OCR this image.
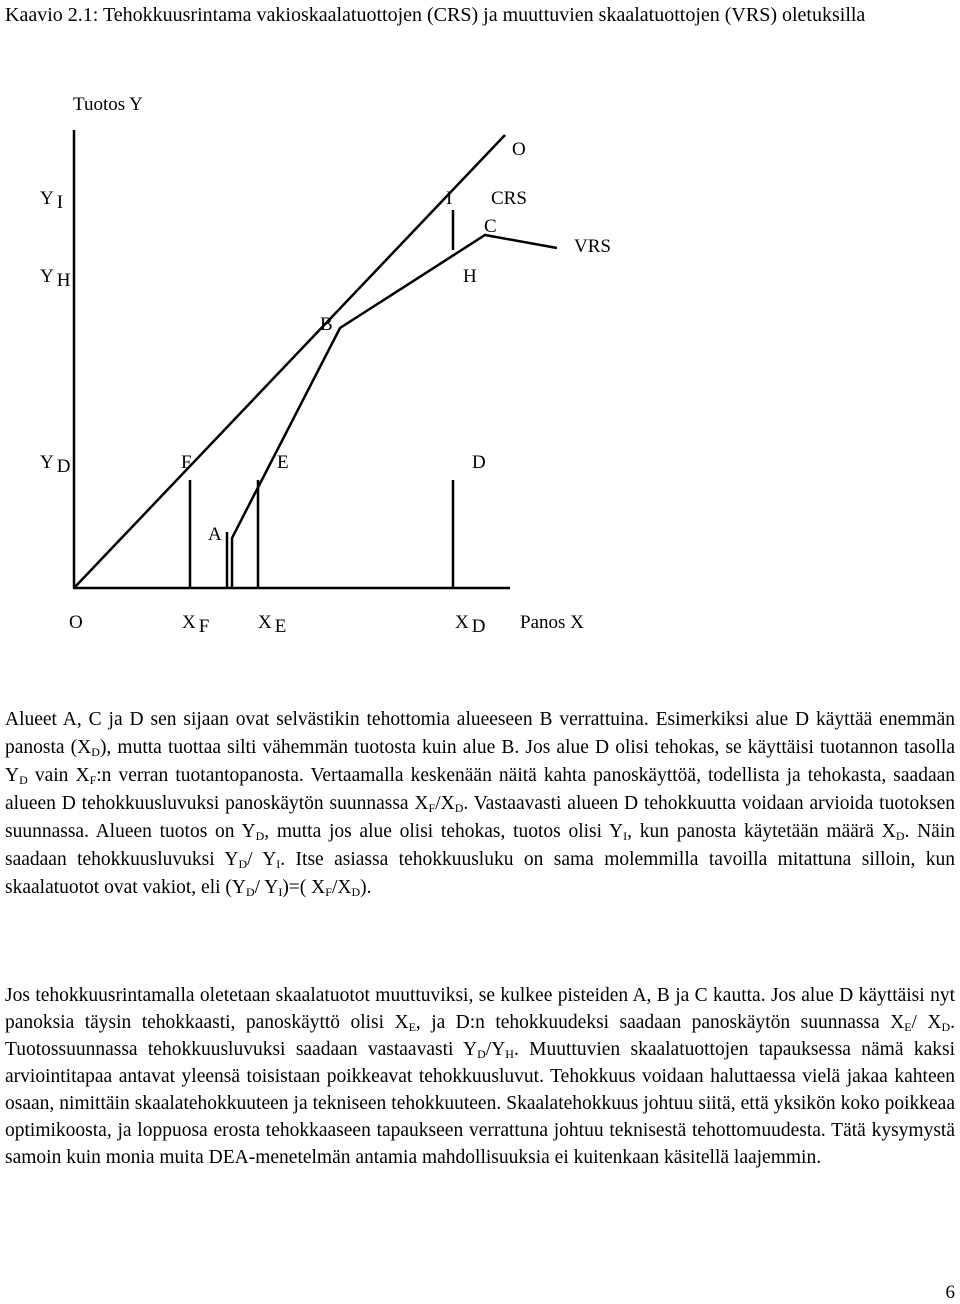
Kaavio 2.1: Tehokkuusrintama vakioskaalatuottojen (CRS) ja muuttuvien skaalatuottojen (VRS) oletuksilla

Tuotos Y
Panos X
O
O
CRS
VRS
Y I
Y H
Y D
X F	X E	X D
A
B
C
D
E
F
H
I

Alueet A, C ja D sen sijaan ovat selvästikin tehottomia alueeseen B verrattuina. Esimerkiksi alue D käyttää enemmän panosta $(X_D)$, mutta tuottaa silti vähemmän tuotosta kuin alue B. Jos alue D olisi tehokas, se käyttäisi tuotannon tasolla $Y_D$ vain $X_F:n$ verran tuotantopanosta. Vertaamalla keskenään näitä kahta panoskäyttöä, todellista ja tehokasta, saadaan alueen D tehokkuusluvuksi panoskäytön suunnassa $X_F/X_D$. Vastaavasti alueen D tehokkuutta voidaan arvioida tuotoksen suunnassa. Alueen tuotos on $Y_D$, mutta jos alue olisi tehokas, tuotos olisi $Y_I$, kun panosta käytetään määrä $X_D$. Näin saadaan tehokkuusluvuksi $Y_D/$ $Y_I$. Itse asiassa tehokkuusluku on sama molemmilla tavoilla mitattuna silloin, kun skaalatuotot ovat vakiot, eli ($Y_D/$ $Y_I)=$( $X_F/X_D$).

Jos tehokkuusrintamalla oletetaan skaalatuotot muuttuviksi, se kulkee pisteiden A, B ja C kautta. Jos alue D käyttäisi nyt panoksia täysin tehokkaasti, panoskäyttö olisi $X_E$, ja D:n tehokkuudeksi saadaan panoskäytön suunnassa $X_E/$ $X_D$. Tuotossuunnassa tehokkuusluvuksi saadaan vastaavasti $Y_D/Y_H$. Muuttuvien skaalatuottojen tapauksessa nämä kaksi arviointitapaa antavat yleensä toisistaan poikkeavat tehokkuusluvut. Tehokkuus voidaan haluttaessa vielä jakaa kahteen osaan, nimittäin skaalatehokkuuteen ja tekniseen tehokkuuteen. Skaalatehokkuus johtuu siitä, että yksikön koko poikkeaa optimikoosta, ja loppuosa erosta tehokkaaseen tapaukseen verrattuna johtuu teknisestä tehottomuudesta. Tätä kysymystä samoin kuin monia muita DEA-menetelmän antamia mahdollisuuksia ei kuitenkaan käsitellä laajemmin.

6
